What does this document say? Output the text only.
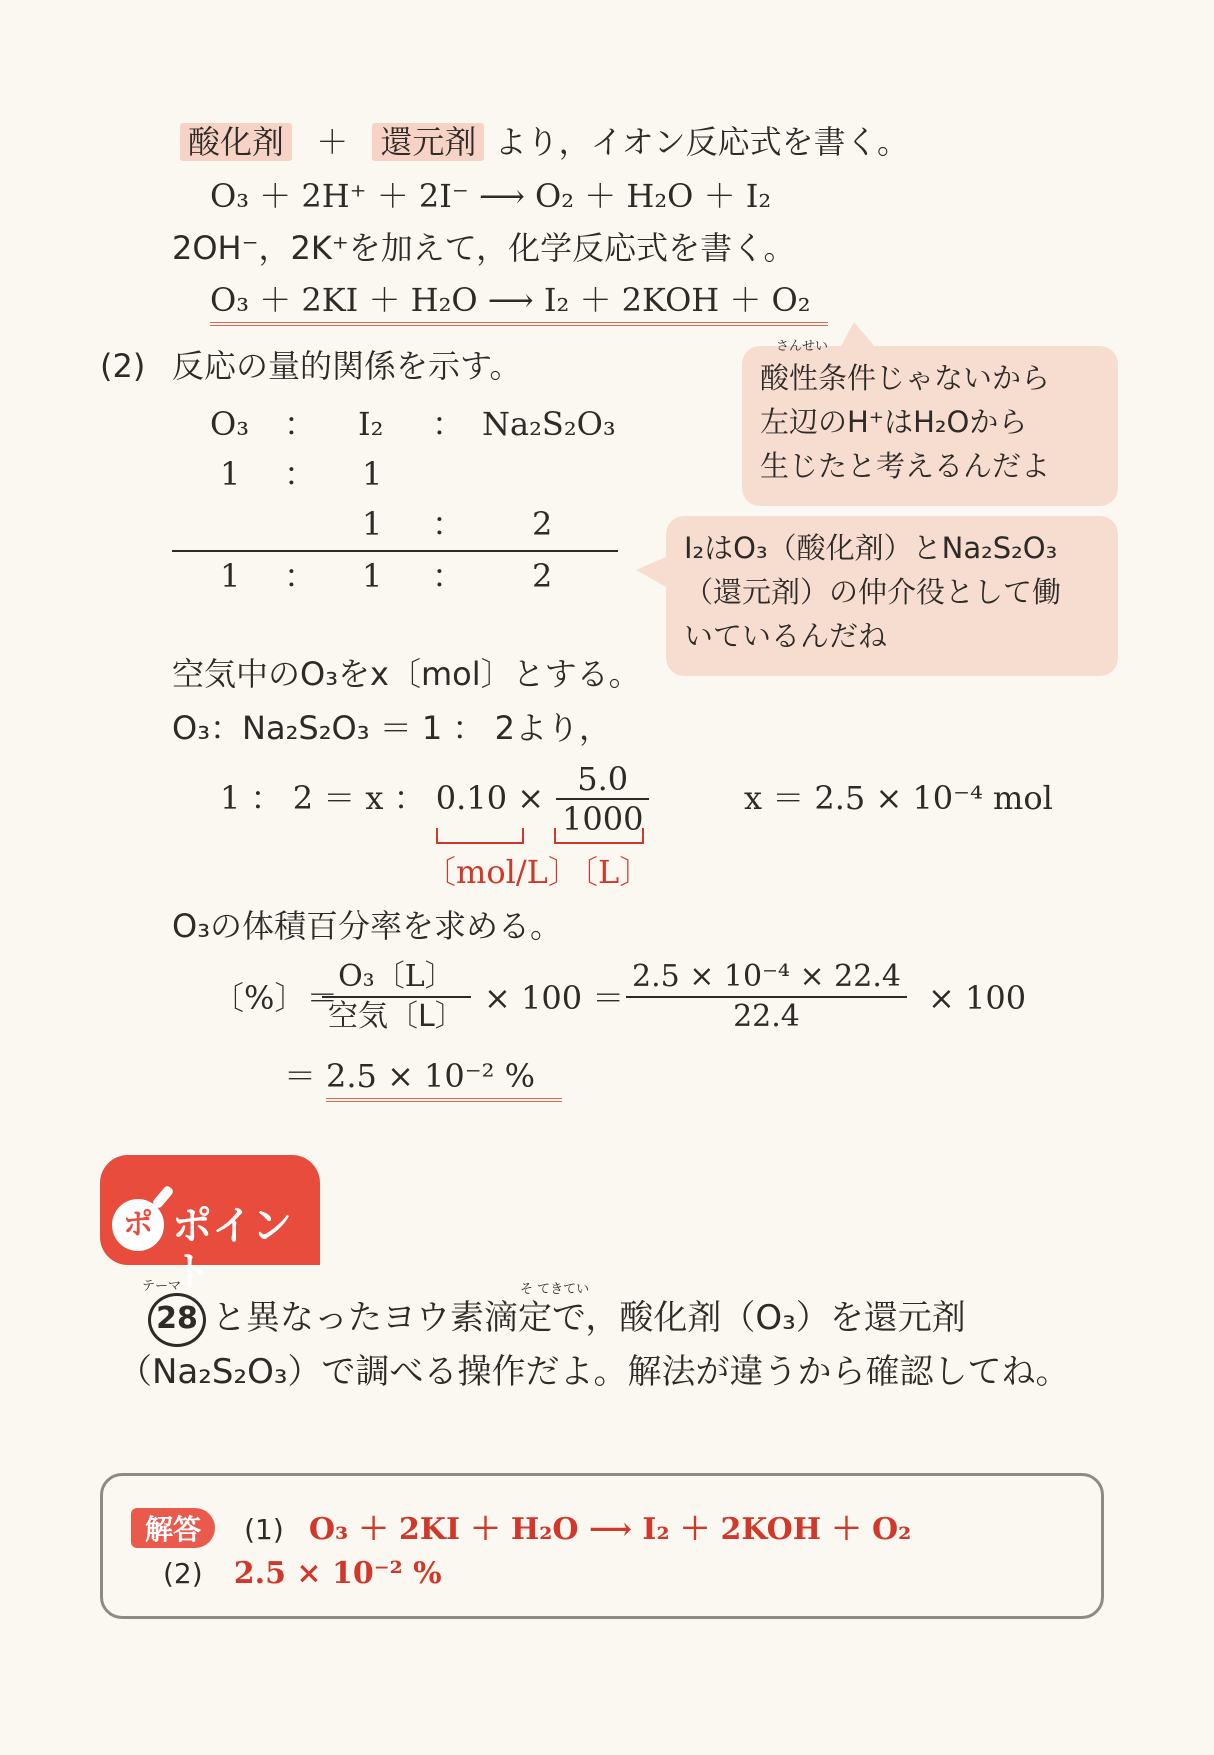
酸化剤 ＋ 還元剤 より，イオン反応式を書く。
O₃ ＋ 2H⁺ ＋ 2I⁻ ⟶ O₂ ＋ H₂O ＋ I₂
2OH⁻，2K⁺を加えて，化学反応式を書く。
O₃ ＋ 2KI ＋ H₂O ⟶ I₂ ＋ 2KOH ＋ O₂
(2) 反応の量的関係を示す。
O₃ ： I₂ ： Na₂S₂O₃
1 ： 1
1 ： 2
1 ： 1 ： 2
さんせい
酸性条件じゃないから
左辺のH⁺はH₂Oから
生じたと考えるんだよ
I₂はO₃（酸化剤）とNa₂S₂O₃
（還元剤）の仲介役として働
いているんだね
空気中のO₃をx〔mol〕とする。
O₃：Na₂S₂O₃ ＝ 1 ： 2より，
1 ： 2 ＝ x ： $0.10 \times \frac{5.0}{1000}$	x ＝ 2.5 × 10⁻⁴ mol
〔mol/L〕
〔L〕
O₃の体積百分率を求める。
〔%〕＝
$\frac{\text{O₃〔L〕}}{\text{空気〔L〕}} \times 100 = \frac{\text{2.5 × 10⁻⁴ × 22.4}}{22.4} \times 100$
＝ 2.5 × 10⁻² %
ポ ポイント
テーマ
28
そ てきてい
と異なったヨウ素滴定で，酸化剤（O₃）を還元剤
（Na₂S₂O₃）で調べる操作だよ。解法が違うから確認してね。
解答 (1) O₃ ＋ 2KI ＋ H₂O ⟶ I₂ ＋ 2KOH ＋ O₂
(2) 2.5 × 10⁻² %
